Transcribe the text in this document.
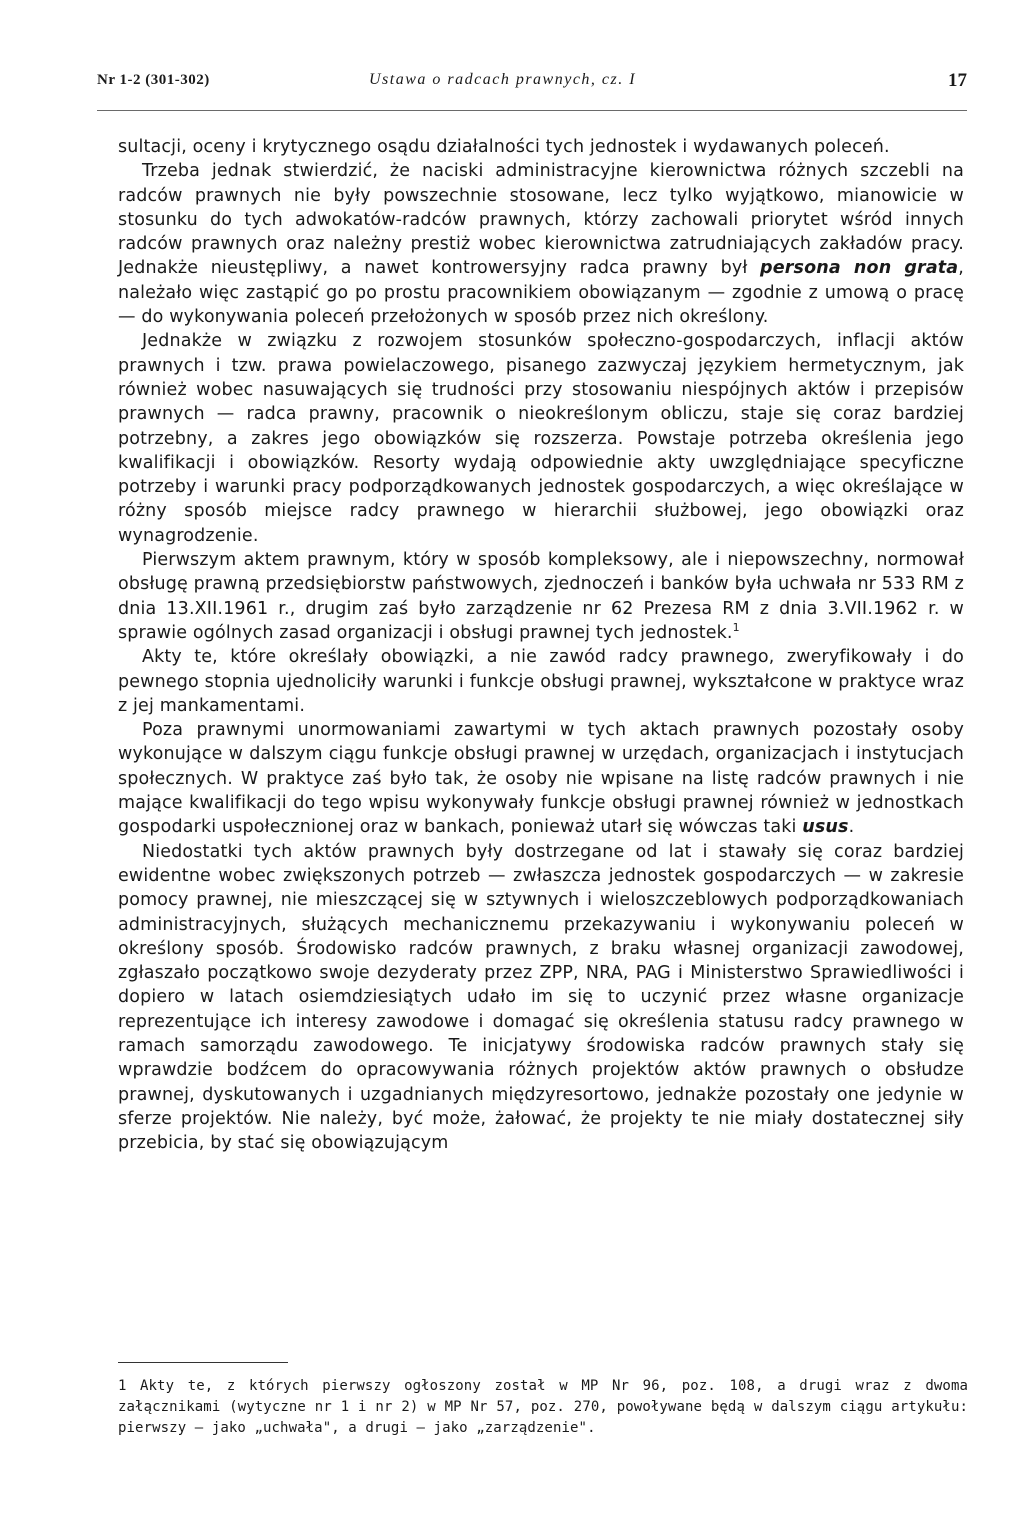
Nr 1-2 (301-302)	Ustawa o radcach prawnych, cz. I	17

sultacji, oceny i krytycznego osądu działalności tych jednostek i wydawanych poleceń.

Trzeba jednak stwierdzić, że naciski administracyjne kierownictwa różnych szczebli na radców prawnych nie były powszechnie stosowane, lecz tylko wyjątkowo, mianowicie w stosunku do tych adwokatów-radców prawnych, którzy zachowali priorytet wśród innych radców prawnych oraz należny prestiż wobec kierownictwa zatrudniających zakładów pracy. Jednakże nieustępliwy, a nawet kontrowersyjny radca prawny był persona non grata, należało więc zastąpić go po prostu pracownikiem obowiązanym — zgodnie z umową o pracę — do wykonywania poleceń przełożonych w sposób przez nich określony.

Jednakże w związku z rozwojem stosunków społeczno-gospodarczych, inflacji aktów prawnych i tzw. prawa powielaczowego, pisanego zazwyczaj językiem hermetycznym, jak również wobec nasuwających się trudności przy stosowaniu niespójnych aktów i przepisów prawnych — radca prawny, pracownik o nieokreślonym obliczu, staje się coraz bardziej potrzebny, a zakres jego obowiązków się rozszerza. Powstaje potrzeba określenia jego kwalifikacji i obowiązków. Resorty wydają odpowiednie akty uwzględniające specyficzne potrzeby i warunki pracy podporządkowanych jednostek gospodarczych, a więc określające w różny sposób miejsce radcy prawnego w hierarchii służbowej, jego obowiązki oraz wynagrodzenie.

Pierwszym aktem prawnym, który w sposób kompleksowy, ale i niepowszechny, normował obsługę prawną przedsiębiorstw państwowych, zjednoczeń i banków była uchwała nr 533 RM z dnia 13.XII.1961 r., drugim zaś było zarządzenie nr 62 Prezesa RM z dnia 3.VII.1962 r. w sprawie ogólnych zasad organizacji i obsługi prawnej tych jednostek.$^1$

Akty te, które określały obowiązki, a nie zawód radcy prawnego, zweryfikowały i do pewnego stopnia ujednoliciły warunki i funkcje obsługi prawnej, wykształcone w praktyce wraz z jej mankamentami.

Poza prawnymi unormowaniami zawartymi w tych aktach prawnych pozostały osoby wykonujące w dalszym ciągu funkcje obsługi prawnej w urzędach, organizacjach i instytucjach społecznych. W praktyce zaś było tak, że osoby nie wpisane na listę radców prawnych i nie mające kwalifikacji do tego wpisu wykonywały funkcje obsługi prawnej również w jednostkach gospodarki uspołecznionej oraz w bankach, ponieważ utarł się wówczas taki usus.

Niedostatki tych aktów prawnych były dostrzegane od lat i stawały się coraz bardziej ewidentne wobec zwiększonych potrzeb — zwłaszcza jednostek gospodarczych — w zakresie pomocy prawnej, nie mieszczącej się w sztywnych i wieloszczeblowych podporządkowaniach administracyjnych, służących mechanicznemu przekazywaniu i wykonywaniu poleceń w określony sposób. Środowisko radców prawnych, z braku własnej organizacji zawodowej, zgłaszało początkowo swoje dezyderaty przez ZPP, NRA, PAG i Ministerstwo Sprawiedliwości i dopiero w latach osiemdziesiątych udało im się to uczynić przez własne organizacje reprezentujące ich interesy zawodowe i domagać się określenia statusu radcy prawnego w ramach samorządu zawodowego. Te inicjatywy środowiska radców prawnych stały się wprawdzie bodźcem do opracowywania różnych projektów aktów prawnych o obsłudze prawnej, dyskutowanych i uzgadnianych międzyresortowo, jednakże pozostały one jedynie w sferze projektów. Nie należy, być może, żałować, że projekty te nie miały dostatecznej siły przebicia, by stać się obowiązującym

1 Akty te, z których pierwszy ogłoszony został w MP Nr 96, poz. 108, a drugi wraz z dwoma załącznikami (wytyczne nr 1 i nr 2) w MP Nr 57, poz. 270, powoływane będą w dalszym ciągu artykułu: pierwszy — jako „uchwała", a drugi — jako „zarządzenie".
